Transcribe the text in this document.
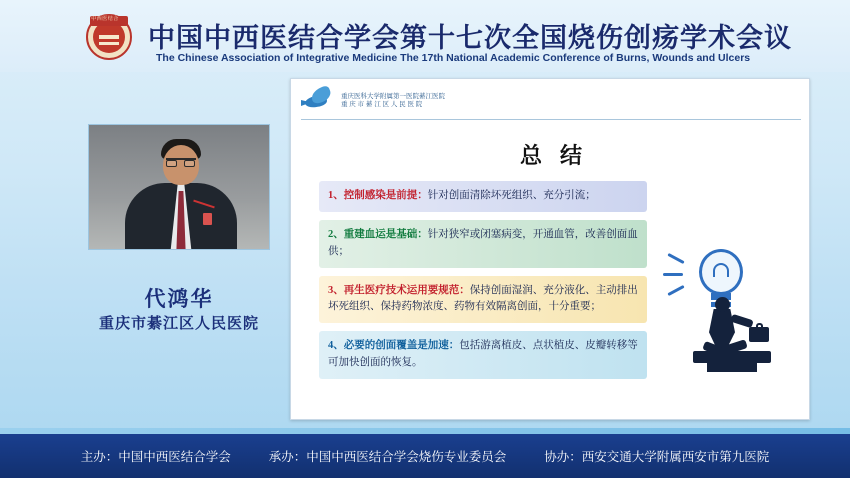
中西医结合
中国中西医结合学会第十七次全国烧伤创疡学术会议
The Chinese Association of Integrative Medicine The 17th National Academic Conference of Burns, Wounds and Ulcers
代鸿华
重庆市綦江区人民医院
重庆医科大学附属第一医院綦江医院
重 庆 市 綦 江 区 人 民 医 院
总结
1、控制感染是前提：针对创面清除坏死组织、充分引流；
2、重建血运是基础：针对狭窄或闭塞病变，开通血管，改善创面血供；
3、再生医疗技术运用要规范：保持创面湿润、充分液化、主动排出坏死组织、保持药物浓度、药物有效隔离创面，十分重要；
4、必要的创面覆盖是加速：包括游离植皮、点状植皮、皮瓣转移等可加快创面的恢复。
主办：中国中西医结合学会	承办：中国中西医结合学会烧伤专业委员会	协办：西安交通大学附属西安市第九医院
